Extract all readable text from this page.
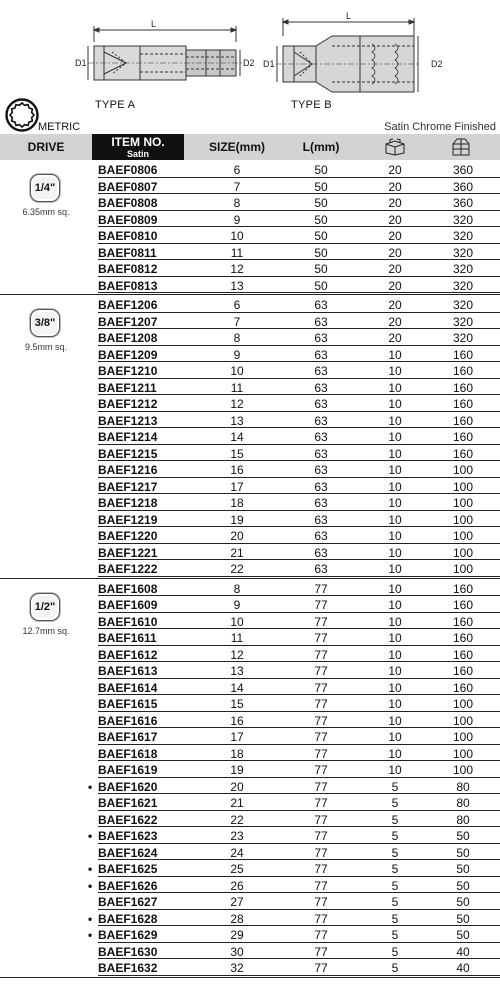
D1	D2
L
D1	D2
L
TYPE A	TYPE B
METRIC	Satin Chrome Finished
DRIVE	ITEM NO.
Satin	SIZE(mm)	L(mm)
1/4"
6.35mm sq.
BAEF0806	6	50	20	360
BAEF0807	7	50	20	360
BAEF0808	8	50	20	360
BAEF0809	9	50	20	320
BAEF0810	10	50	20	320
BAEF0811	11	50	20	320
BAEF0812	12	50	20	320
BAEF0813	13	50	20	320
3/8"
9.5mm sq.
BAEF1206	6	63	20	320
BAEF1207	7	63	20	320
BAEF1208	8	63	20	320
BAEF1209	9	63	10	160
BAEF1210	10	63	10	160
BAEF1211	11	63	10	160
BAEF1212	12	63	10	160
BAEF1213	13	63	10	160
BAEF1214	14	63	10	160
BAEF1215	15	63	10	160
BAEF1216	16	63	10	100
BAEF1217	17	63	10	100
BAEF1218	18	63	10	100
BAEF1219	19	63	10	100
BAEF1220	20	63	10	100
BAEF1221	21	63	10	100
BAEF1222	22	63	10	100
1/2"
12.7mm sq.
BAEF1608	8	77	10	160
BAEF1609	9	77	10	160
BAEF1610	10	77	10	160
BAEF1611	11	77	10	160
BAEF1612	12	77	10	160
BAEF1613	13	77	10	160
BAEF1614	14	77	10	160
BAEF1615	15	77	10	100
BAEF1616	16	77	10	100
BAEF1617	17	77	10	100
BAEF1618	18	77	10	100
BAEF1619	19	77	10	100
• BAEF1620	20	77	5	80
BAEF1621	21	77	5	80
BAEF1622	22	77	5	80
• BAEF1623	23	77	5	50
BAEF1624	24	77	5	50
• BAEF1625	25	77	5	50
• BAEF1626	26	77	5	50
BAEF1627	27	77	5	50
• BAEF1628	28	77	5	50
• BAEF1629	29	77	5	50
BAEF1630	30	77	5	40
BAEF1632	32	77	5	40
